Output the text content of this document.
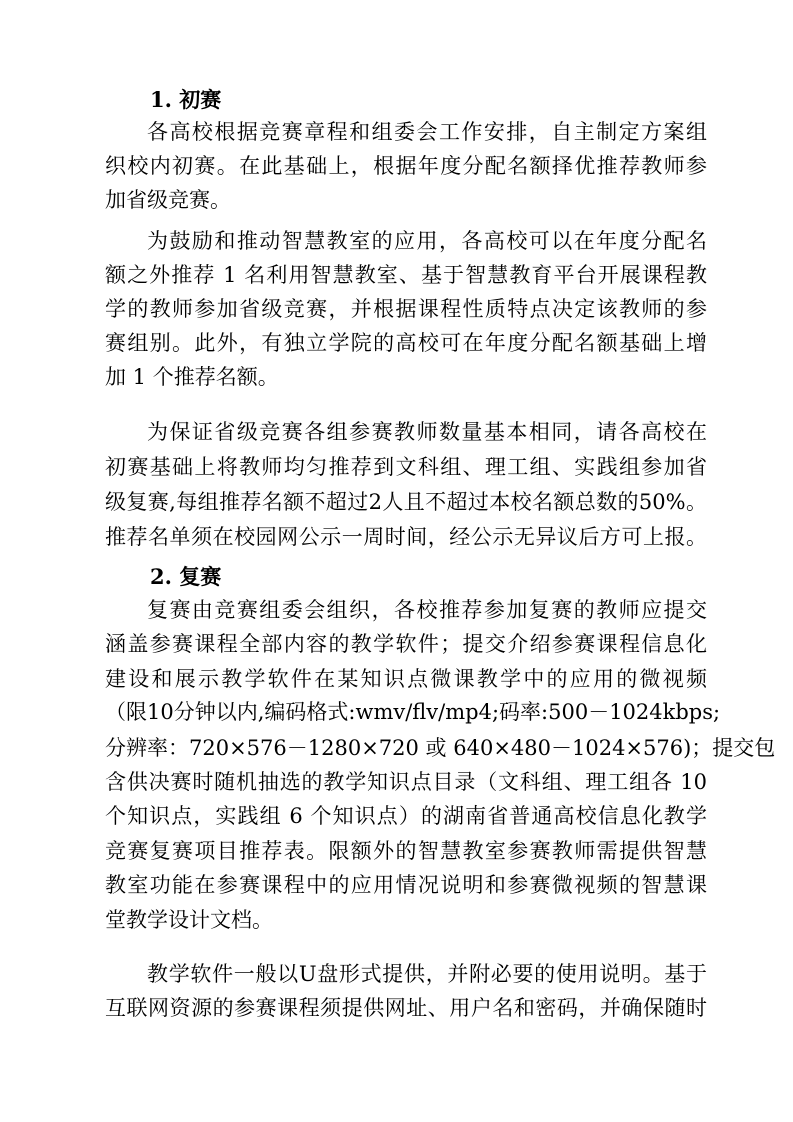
1. 初赛
各高校根据竞赛章程和组委会工作安排，自主制定方案组
织校内初赛。在此基础上，根据年度分配名额择优推荐教师参
加省级竞赛。
为鼓励和推动智慧教室的应用，各高校可以在年度分配名
额之外推荐 1 名利用智慧教室、基于智慧教育平台开展课程教
学的教师参加省级竞赛，并根据课程性质特点决定该教师的参
赛组别。此外，有独立学院的高校可在年度分配名额基础上增
加 1 个推荐名额。
为保证省级竞赛各组参赛教师数量基本相同，请各高校在
初赛基础上将教师均匀推荐到文科组、理工组、实践组参加省
级复赛,每组推荐名额不超过2人且不超过本校名额总数的50%。
推荐名单须在校园网公示一周时间，经公示无异议后方可上报。
2. 复赛
复赛由竞赛组委会组织，各校推荐参加复赛的教师应提交
涵盖参赛课程全部内容的教学软件；提交介绍参赛课程信息化
建设和展示教学软件在某知识点微课教学中的应用的微视频
（限10分钟以内,编码格式:wmv/flv/mp4;码率:500－1024kbps;
分辨率：720×576－1280×720 或 640×480－1024×576)；提交包
含供决赛时随机抽选的教学知识点目录（文科组、理工组各 10
个知识点，实践组 6 个知识点）的湖南省普通高校信息化教学
竞赛复赛项目推荐表。限额外的智慧教室参赛教师需提供智慧
教室功能在参赛课程中的应用情况说明和参赛微视频的智慧课
堂教学设计文档。
教学软件一般以U盘形式提供，并附必要的使用说明。基于
互联网资源的参赛课程须提供网址、用户名和密码，并确保随时
